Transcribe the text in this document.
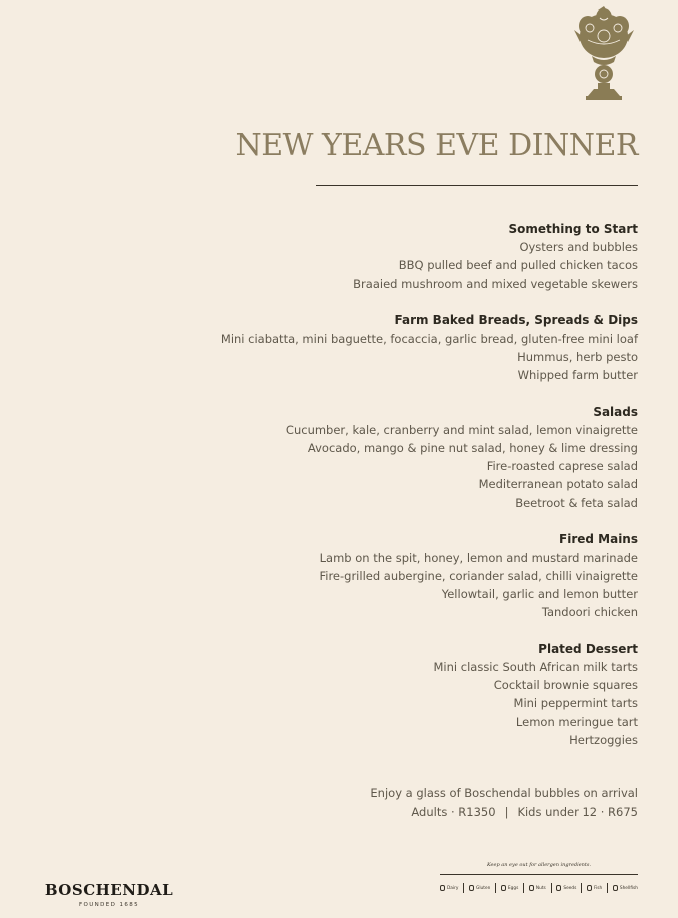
NEW YEARS EVE DINNER
Something to Start
Oysters and bubbles
BBQ pulled beef and pulled chicken tacos
Braaied mushroom and mixed vegetable skewers
Farm Baked Breads, Spreads & Dips
Mini ciabatta, mini baguette, focaccia, garlic bread, gluten-free mini loaf
Hummus, herb pesto
Whipped farm butter
Salads
Cucumber, kale, cranberry and mint salad, lemon vinaigrette
Avocado, mango & pine nut salad, honey & lime dressing
Fire-roasted caprese salad
Mediterranean potato salad
Beetroot & feta salad
Fired Mains
Lamb on the spit, honey, lemon and mustard marinade
Fire-grilled aubergine, coriander salad, chilli vinaigrette
Yellowtail, garlic and lemon butter
Tandoori chicken
Plated Dessert
Mini classic South African milk tarts
Cocktail brownie squares
Mini peppermint tarts
Lemon meringue tart
Hertzoggies
Enjoy a glass of Boschendal bubbles on arrival
Adults · R1350 | Kids under 12 · R675
BOSCHENDAL
FOUNDED 1685
Keep an eye out for allergen ingredients.
Dairy	Gluten	Eggs	Nuts	Seeds	Fish	Shellfish
